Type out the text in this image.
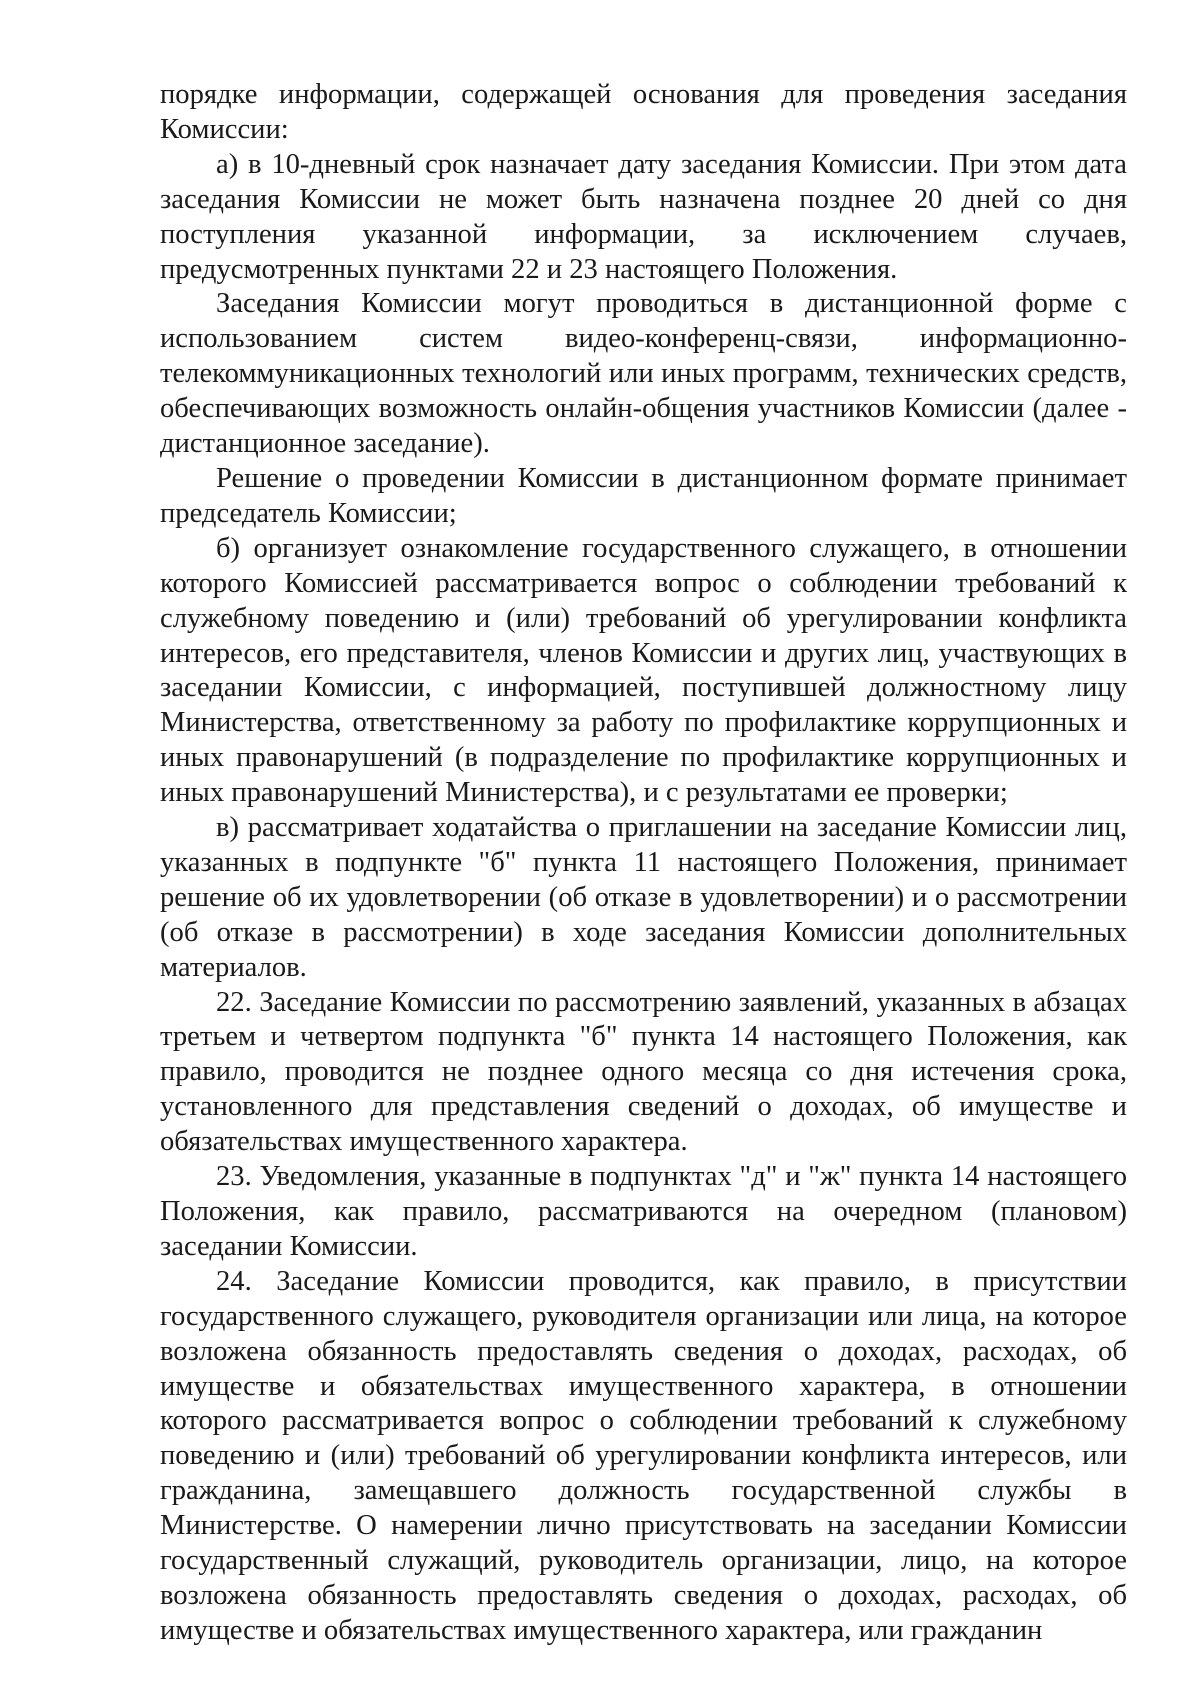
порядке информации, содержащей основания для проведения заседания Комиссии:

а) в 10-дневный срок назначает дату заседания Комиссии. При этом дата заседания Комиссии не может быть назначена позднее 20 дней со дня поступления указанной информации, за исключением случаев, предусмотренных пунктами 22 и 23 настоящего Положения.

Заседания Комиссии могут проводиться в дистанционной форме с использованием систем видео-конференц-связи, информационно-телекоммуникационных технологий или иных программ, технических средств, обеспечивающих возможность онлайн-общения участников Комиссии (далее - дистанционное заседание).

Решение о проведении Комиссии в дистанционном формате принимает председатель Комиссии;

б) организует ознакомление государственного служащего, в отношении которого Комиссией рассматривается вопрос о соблюдении требований к служебному поведению и (или) требований об урегулировании конфликта интересов, его представителя, членов Комиссии и других лиц, участвующих в заседании Комиссии, с информацией, поступившей должностному лицу Министерства, ответственному за работу по профилактике коррупционных и иных правонарушений (в подразделение по профилактике коррупционных и иных правонарушений Министерства), и с результатами ее проверки;

в) рассматривает ходатайства о приглашении на заседание Комиссии лиц, указанных в подпункте "б" пункта 11 настоящего Положения, принимает решение об их удовлетворении (об отказе в удовлетворении) и о рассмотрении (об отказе в рассмотрении) в ходе заседания Комиссии дополнительных материалов.

22. Заседание Комиссии по рассмотрению заявлений, указанных в абзацах третьем и четвертом подпункта "б" пункта 14 настоящего Положения, как правило, проводится не позднее одного месяца со дня истечения срока, установленного для представления сведений о доходах, об имуществе и обязательствах имущественного характера.

23. Уведомления, указанные в подпунктах "д" и "ж" пункта 14 настоящего Положения, как правило, рассматриваются на очередном (плановом) заседании Комиссии.

24. Заседание Комиссии проводится, как правило, в присутствии государственного служащего, руководителя организации или лица, на которое возложена обязанность предоставлять сведения о доходах, расходах, об имуществе и обязательствах имущественного характера, в отношении которого рассматривается вопрос о соблюдении требований к служебному поведению и (или) требований об урегулировании конфликта интересов, или гражданина, замещавшего должность государственной службы в Министерстве. О намерении лично присутствовать на заседании Комиссии государственный служащий, руководитель организации, лицо, на которое возложена обязанность предоставлять сведения о доходах, расходах, об имуществе и обязательствах имущественного характера, или гражданин
